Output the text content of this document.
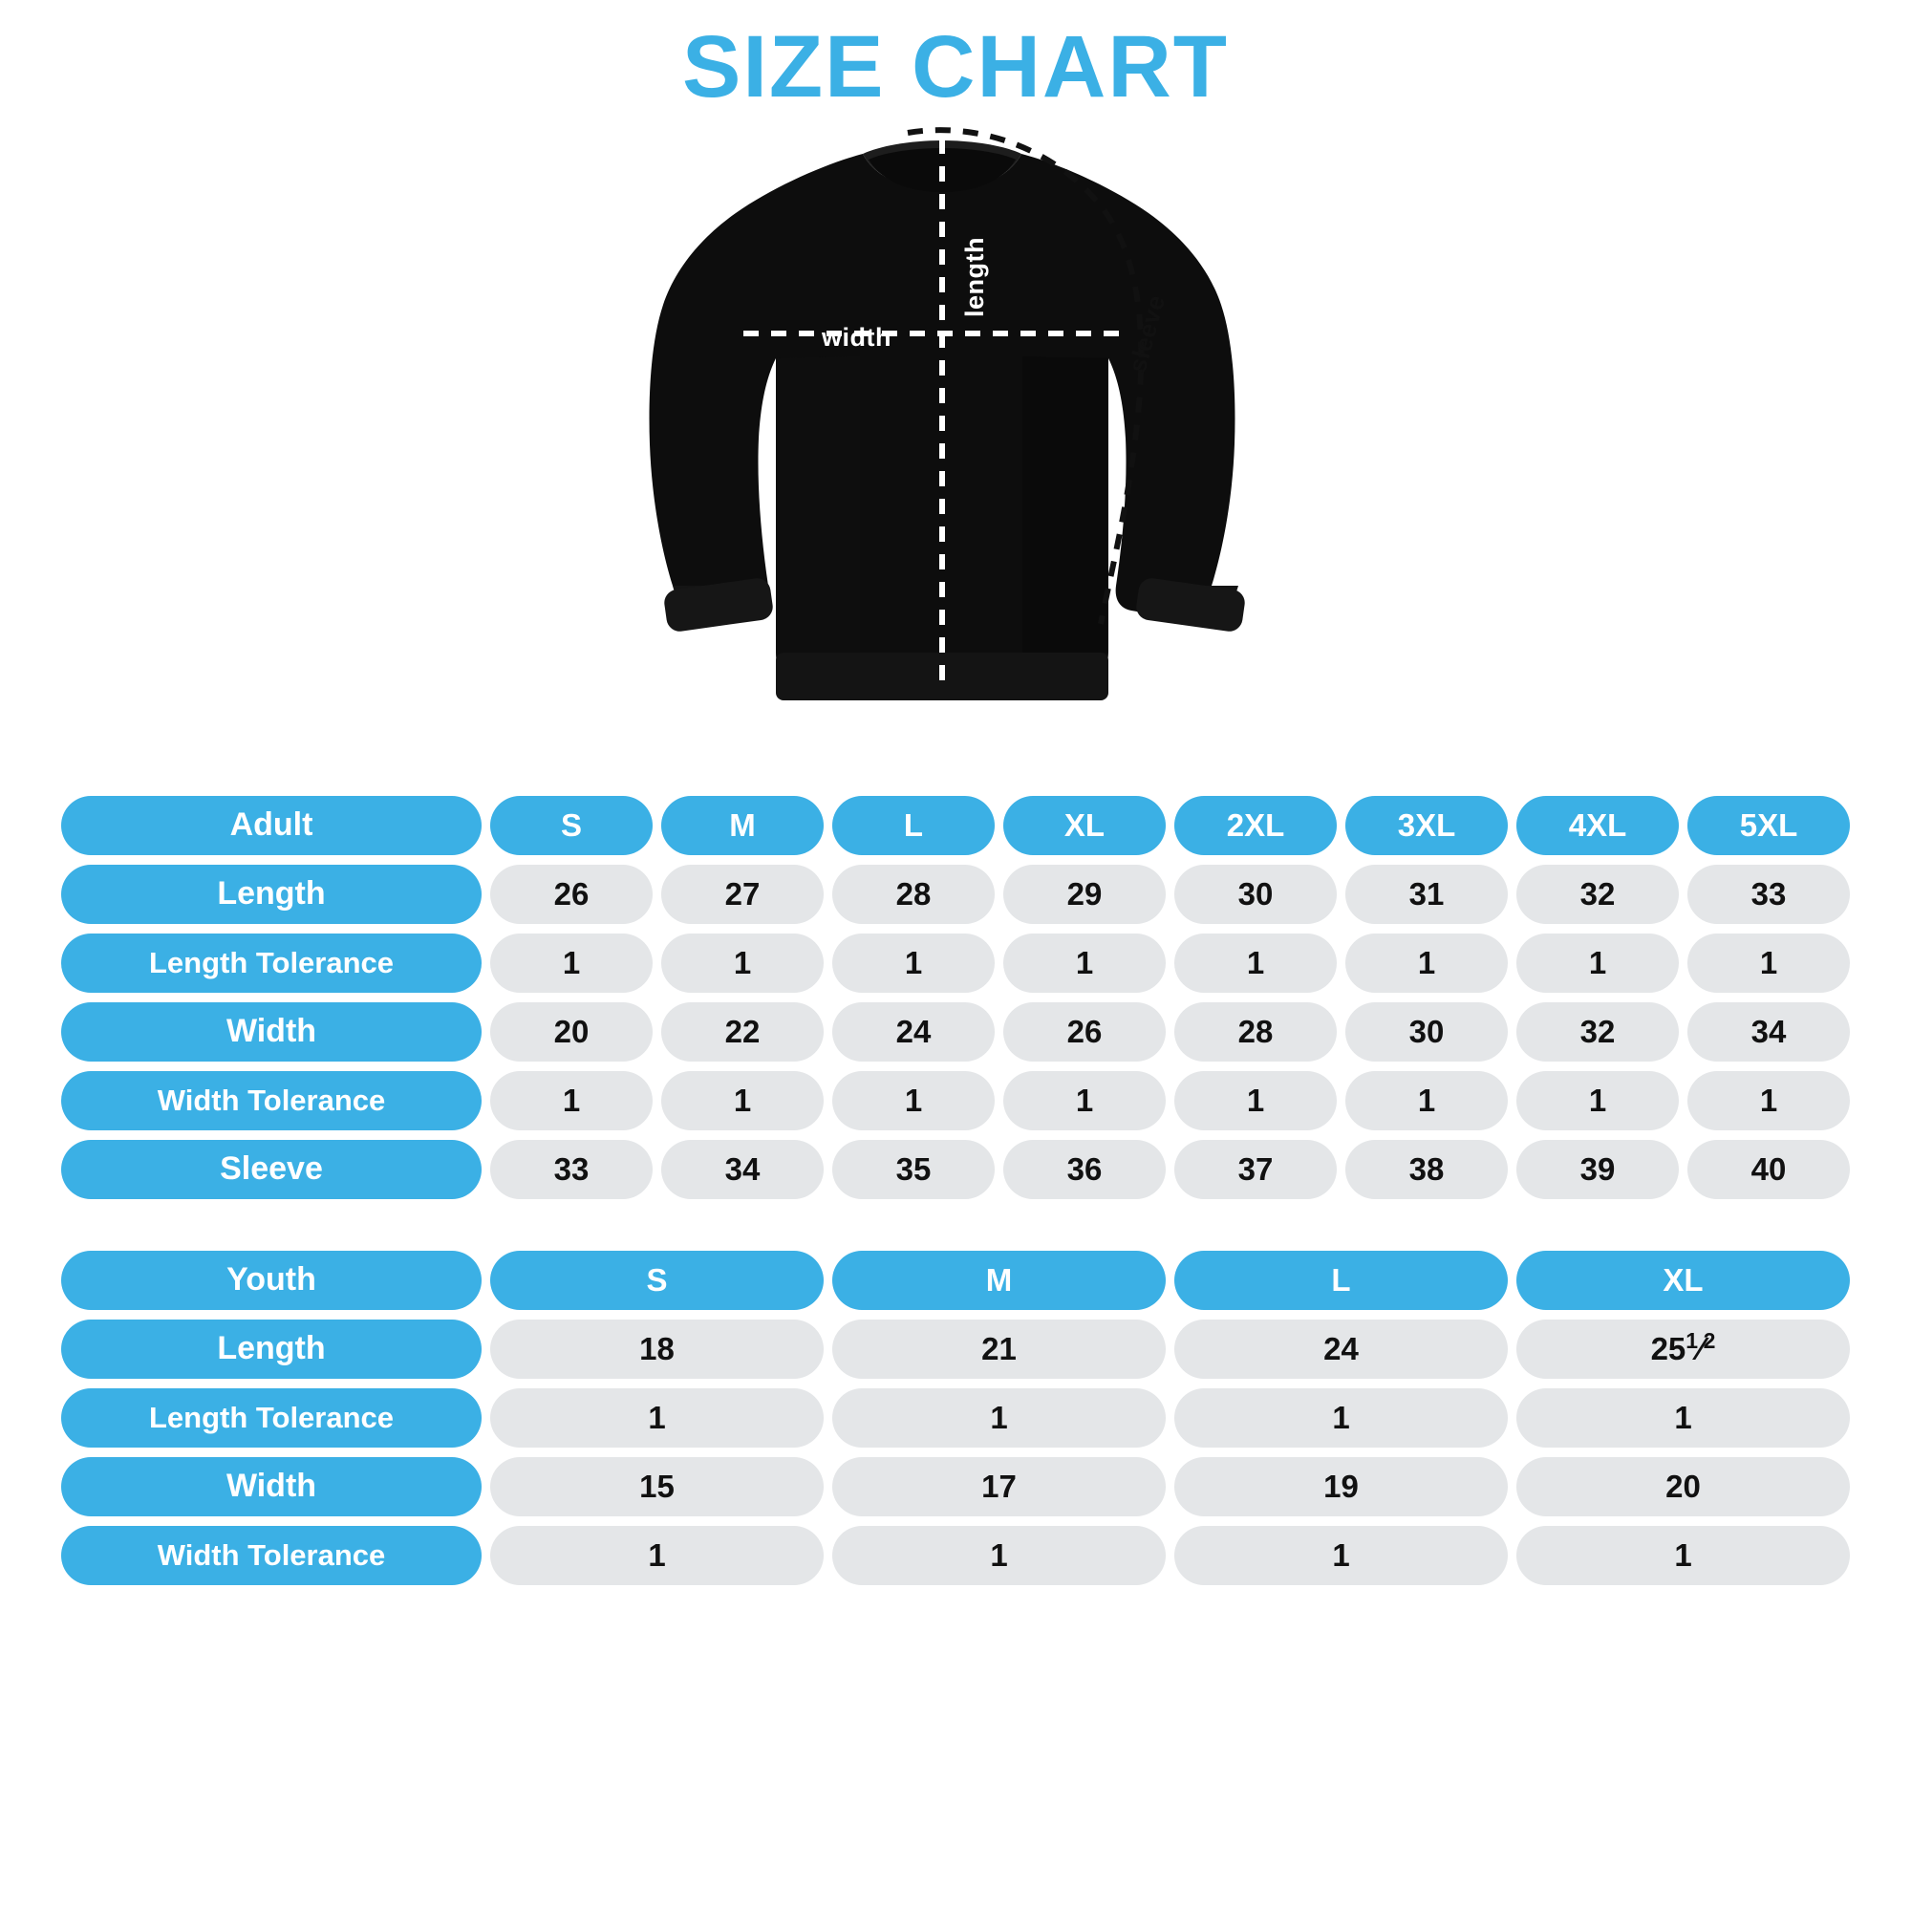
SIZE CHART
width
length
sleeve
Adult	S	M	L	XL	2XL	3XL	4XL	5XL

Length	26	27	28	29	30	31	32	33

Length Tolerance	1	1	1	1	1	1	1	1

Width	20	22	24	26	28	30	32	34

Width Tolerance	1	1	1	1	1	1	1	1

Sleeve	33	34	35	36	37	38	39	40
Youth	S	M	L	XL

Length	18	21	24	$25^1⁄_2$

Length Tolerance	1	1	1	1

Width	15	17	19	20

Width Tolerance	1	1	1	1
